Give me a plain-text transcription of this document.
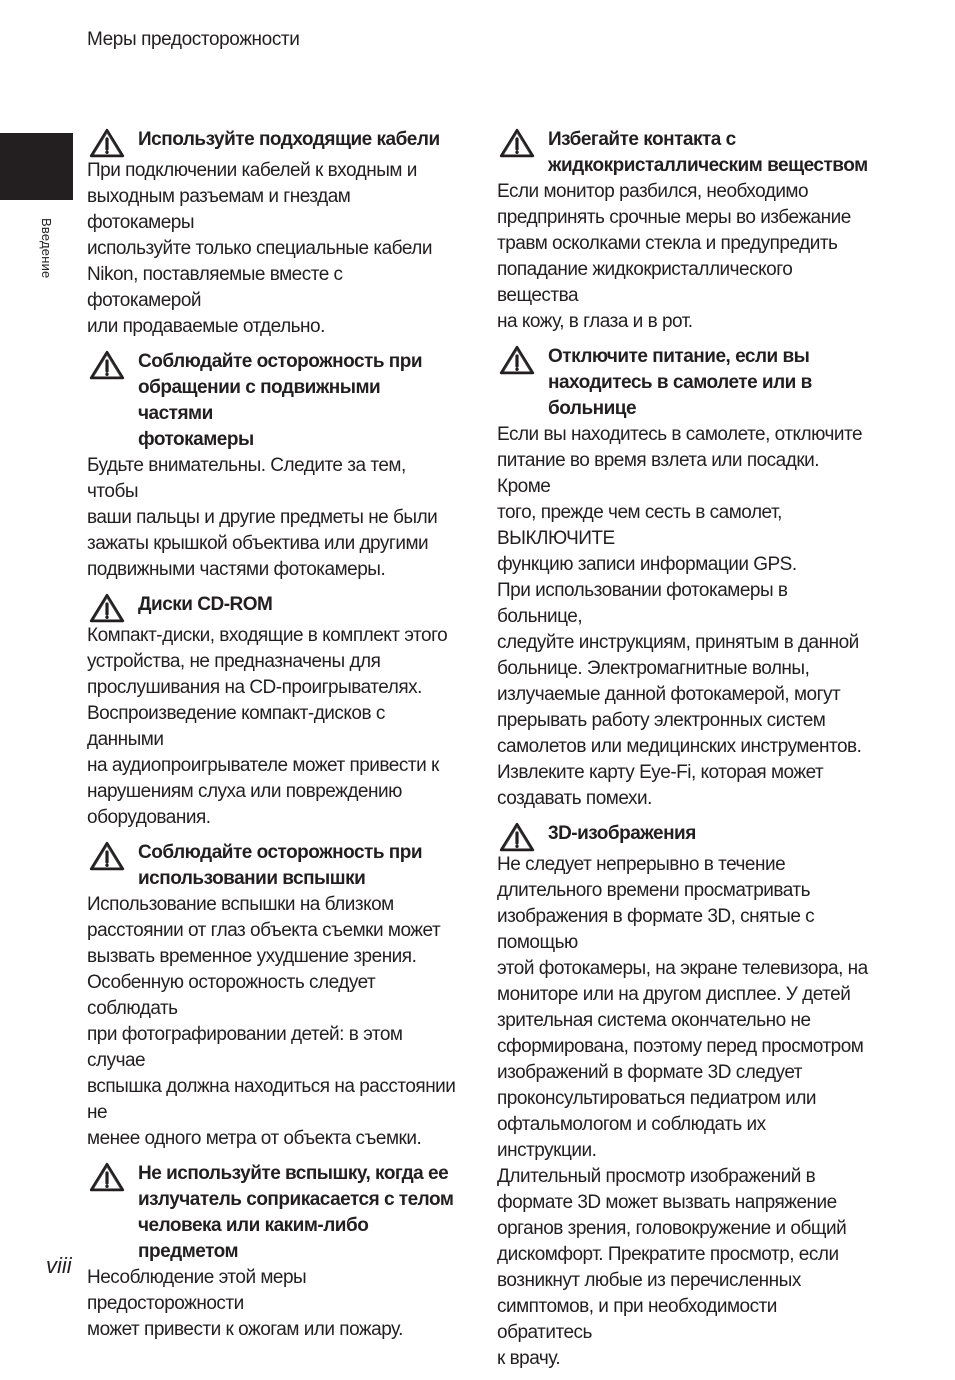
Меры предосторожности
Введение
Используйте подходящие кабели

При подключении кабелей к входным и
выходным разъемам и гнездам фотокамеры
используйте только специальные кабели
Nikon, поставляемые вместе с фотокамерой
или продаваемые отдельно.

Соблюдайте осторожность при
обращении с подвижными частями
фотокамеры

Будьте внимательны. Следите за тем, чтобы
ваши пальцы и другие предметы не были
зажаты крышкой объектива или другими
подвижными частями фотокамеры.

Диски CD-ROM

Компакт-диски, входящие в комплект этого
устройства, не предназначены для
прослушивания на CD-проигрывателях.
Воспроизведение компакт-дисков с данными
на аудиопроигрывателе может привести к
нарушениям слуха или повреждению
оборудования.

Соблюдайте осторожность при
использовании вспышки

Использование вспышки на близком
расстоянии от глаз объекта съемки может
вызвать временное ухудшение зрения.
Особенную осторожность следует соблюдать
при фотографировании детей: в этом случае
вспышка должна находиться на расстоянии не
менее одного метра от объекта съемки.

Не используйте вспышку, когда ее
излучатель соприкасается с телом
человека или каким-либо
предметом

Несоблюдение этой меры предосторожности
может привести к ожогам или пожару.

Избегайте контакта с
жидкокристаллическим веществом

Если монитор разбился, необходимо
предпринять срочные меры во избежание
травм осколками стекла и предупредить
попадание жидкокристаллического вещества
на кожу, в глаза и в рот.

Отключите питание, если вы
находитесь в самолете или в
больнице

Если вы находитесь в самолете, отключите
питание во время взлета или посадки. Кроме
того, прежде чем сесть в самолет, ВЫКЛЮЧИТЕ
функцию записи информации GPS.
При использовании фотокамеры в больнице,
следуйте инструкциям, принятым в данной
больнице. Электромагнитные волны,
излучаемые данной фотокамерой, могут
прерывать работу электронных систем
самолетов или медицинских инструментов.
Извлеките карту Eye-Fi, которая может
создавать помехи.

3D-изображения

Не следует непрерывно в течение
длительного времени просматривать
изображения в формате 3D, снятые с помощью
этой фотокамеры, на экране телевизора, на
мониторе или на другом дисплее. У детей
зрительная система окончательно не
сформирована, поэтому перед просмотром
изображений в формате 3D следует
проконсультироваться педиатром или
офтальмологом и соблюдать их инструкции.
Длительный просмотр изображений в
формате 3D может вызвать напряжение
органов зрения, головокружение и общий
дискомфорт. Прекратите просмотр, если
возникнут любые из перечисленных
симптомов, и при необходимости обратитесь
к врачу.

viii
